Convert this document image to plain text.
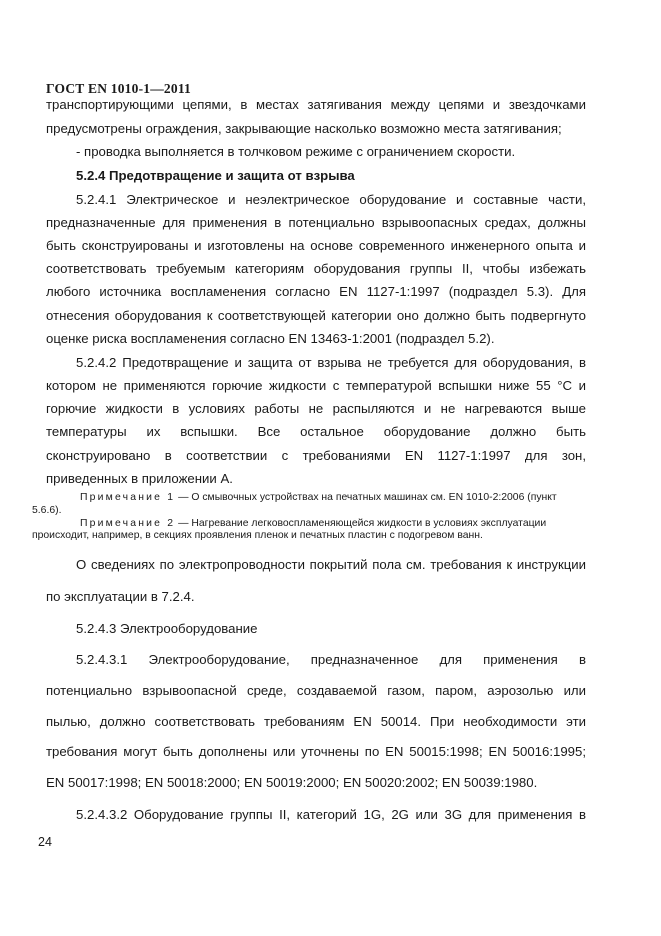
ГОСТ EN 1010-1—2011
транспортирующими цепями, в местах затягивания между цепями и звездочками
предусмотрены ограждения, закрывающие насколько возможно места затягивания;
- проводка выполняется в толчковом режиме с ограничением скорости.
5.2.4 Предотвращение и защита от взрыва
5.2.4.1 Электрическое и неэлектрическое оборудование и составные части,
предназначенные для применения в потенциально взрывоопасных средах, должны
быть сконструированы и изготовлены на основе современного инженерного опыта и
соответствовать требуемым категориям оборудования группы II, чтобы избежать
любого источника воспламенения согласно EN 1127-1:1997 (подраздел 5.3). Для
отнесения оборудования к соответствующей категории оно должно быть подвергнуто
оценке риска воспламенения согласно EN 13463-1:2001 (подраздел 5.2).
5.2.4.2 Предотвращение и защита от взрыва не требуется для оборудования, в
котором не применяются горючие жидкости с температурой вспышки ниже 55 °С и
горючие жидкости в условиях работы не распыляются и не нагреваются выше
температуры их вспышки. Все остальное оборудование должно быть
сконструировано в соответствии с требованиями EN 1127-1:1997 для зон,
приведенных в приложении А.
Примечание 1 — О смывочных устройствах на печатных машинах см. EN 1010-2:2006 (пункт
5.6.6).
Примечание 2 — Нагревание легковоспламеняющейся жидкости в условиях эксплуатации
происходит, например, в секциях проявления пленок и печатных пластин с подогревом ванн.
О сведениях по электропроводности покрытий пола см. требования к инструкции
по эксплуатации в 7.2.4.
5.2.4.3 Электрооборудование
5.2.4.3.1 Электрооборудование, предназначенное для применения в
потенциально взрывоопасной среде, создаваемой газом, паром, аэрозолью или
пылью, должно соответствовать требованиям EN 50014. При необходимости эти
требования могут быть дополнены или уточнены по EN 50015:1998; EN 50016:1995;
EN 50017:1998; EN 50018:2000; EN 50019:2000; EN 50020:2002; EN 50039:1980.
5.2.4.3.2 Оборудование группы II, категорий 1G, 2G или 3G для применения в
24
